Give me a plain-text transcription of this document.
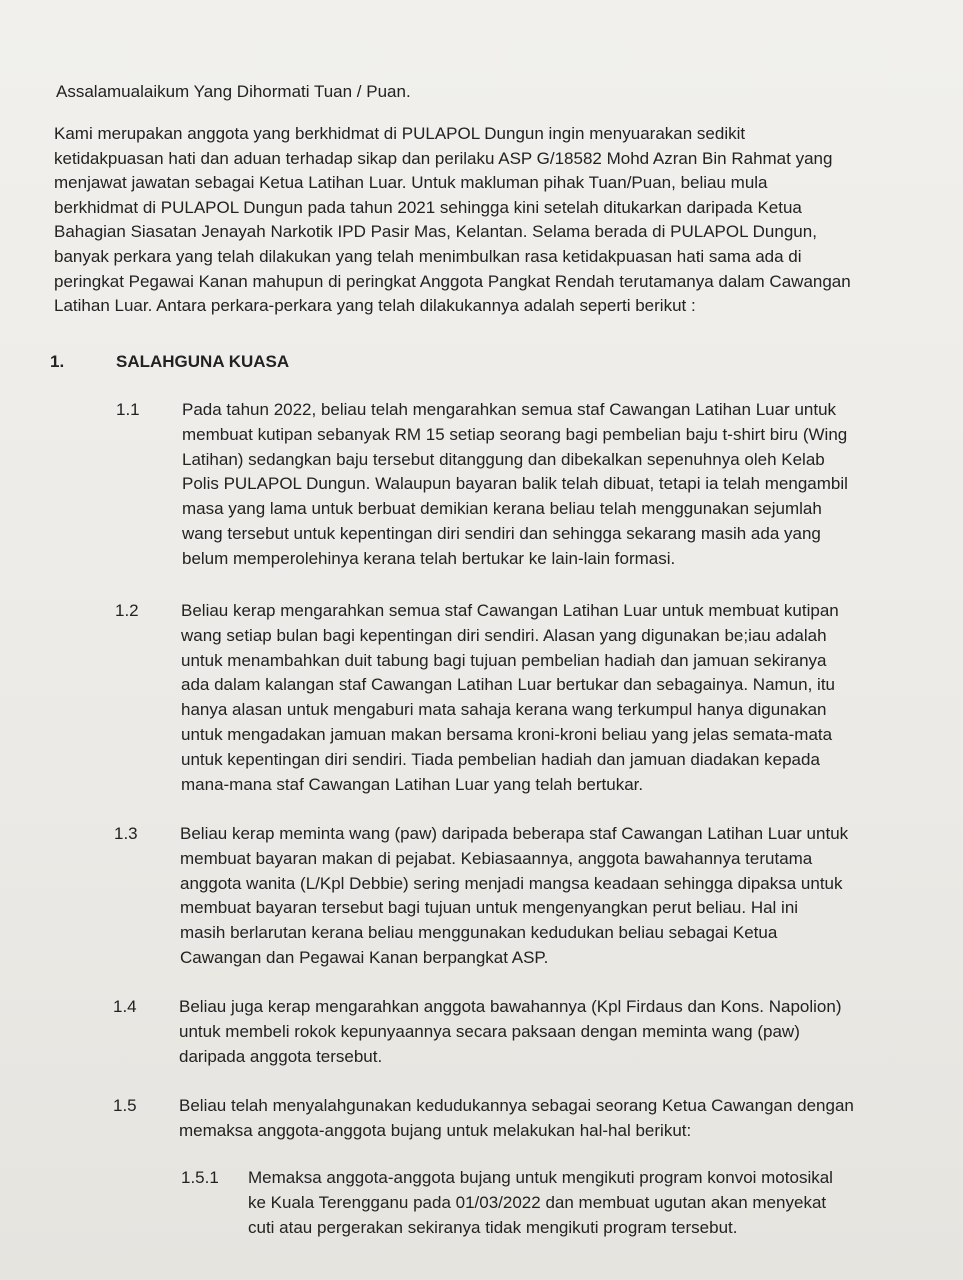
Assalamualaikum Yang Dihormati Tuan / Puan.

Kami merupakan anggota yang berkhidmat di PULAPOL Dungun ingin menyuarakan sedikit
ketidakpuasan hati dan aduan terhadap sikap dan perilaku ASP G/18582 Mohd Azran Bin Rahmat yang
menjawat jawatan sebagai Ketua Latihan Luar. Untuk makluman pihak Tuan/Puan, beliau mula
berkhidmat di PULAPOL Dungun pada tahun 2021 sehingga kini setelah ditukarkan daripada Ketua
Bahagian Siasatan Jenayah Narkotik IPD Pasir Mas, Kelantan. Selama berada di PULAPOL Dungun,
banyak perkara yang telah dilakukan yang telah menimbulkan rasa ketidakpuasan hati sama ada di
peringkat Pegawai Kanan mahupun di peringkat Anggota Pangkat Rendah terutamanya dalam Cawangan
Latihan Luar. Antara perkara-perkara yang telah dilakukannya adalah seperti berikut :

1.	SALAHGUNA KUASA
1.1 Pada tahun 2022, beliau telah mengarahkan semua staf Cawangan Latihan Luar untuk
membuat kutipan sebanyak RM 15 setiap seorang bagi pembelian baju t-shirt biru (Wing
Latihan) sedangkan baju tersebut ditanggung dan dibekalkan sepenuhnya oleh Kelab
Polis PULAPOL Dungun. Walaupun bayaran balik telah dibuat, tetapi ia telah mengambil
masa yang lama untuk berbuat demikian kerana beliau telah menggunakan sejumlah
wang tersebut untuk kepentingan diri sendiri dan sehingga sekarang masih ada yang
belum memperolehinya kerana telah bertukar ke lain-lain formasi.
1.2 Beliau kerap mengarahkan semua staf Cawangan Latihan Luar untuk membuat kutipan
wang setiap bulan bagi kepentingan diri sendiri. Alasan yang digunakan be;iau adalah
untuk menambahkan duit tabung bagi tujuan pembelian hadiah dan jamuan sekiranya
ada dalam kalangan staf Cawangan Latihan Luar bertukar dan sebagainya. Namun, itu
hanya alasan untuk mengaburi mata sahaja kerana wang terkumpul hanya digunakan
untuk mengadakan jamuan makan bersama kroni-kroni beliau yang jelas semata-mata
untuk kepentingan diri sendiri. Tiada pembelian hadiah dan jamuan diadakan kepada
mana-mana staf Cawangan Latihan Luar yang telah bertukar.
1.3 Beliau kerap meminta wang (paw) daripada beberapa staf Cawangan Latihan Luar untuk
membuat bayaran makan di pejabat. Kebiasaannya, anggota bawahannya terutama
anggota wanita (L/Kpl Debbie) sering menjadi mangsa keadaan sehingga dipaksa untuk
membuat bayaran tersebut bagi tujuan untuk mengenyangkan perut beliau. Hal ini
masih berlarutan kerana beliau menggunakan kedudukan beliau sebagai Ketua
Cawangan dan Pegawai Kanan berpangkat ASP.
1.4 Beliau juga kerap mengarahkan anggota bawahannya (Kpl Firdaus dan Kons. Napolion)
untuk membeli rokok kepunyaannya secara paksaan dengan meminta wang (paw)
daripada anggota tersebut.
1.5 Beliau telah menyalahgunakan kedudukannya sebagai seorang Ketua Cawangan dengan
memaksa anggota-anggota bujang untuk melakukan hal-hal berikut:
1.5.1 Memaksa anggota-anggota bujang untuk mengikuti program konvoi motosikal
ke Kuala Terengganu pada 01/03/2022 dan membuat ugutan akan menyekat
cuti atau pergerakan sekiranya tidak mengikuti program tersebut.
